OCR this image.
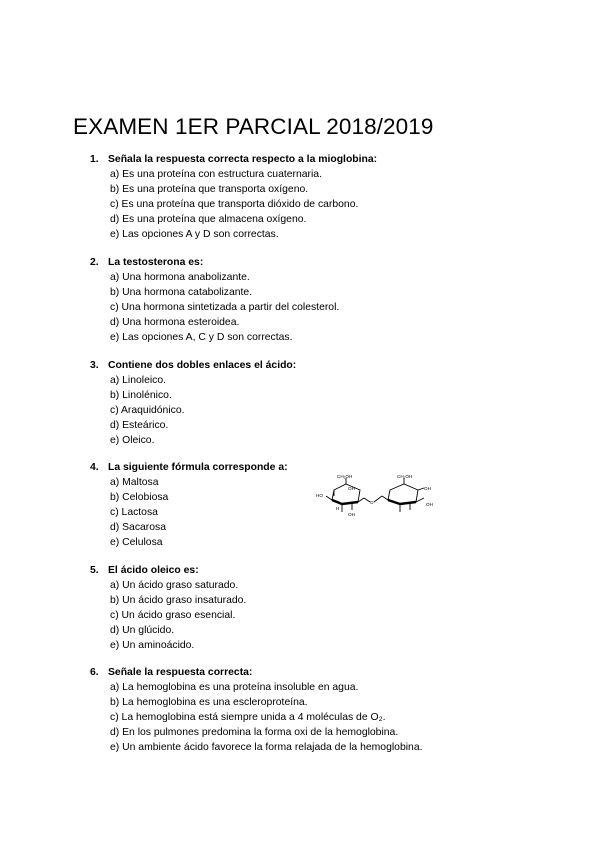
EXAMEN 1ER PARCIAL 2018/2019
1. Señala la respuesta correcta respecto a la mioglobina:
a) Es una proteína con estructura cuaternaria.
b) Es una proteína que transporta oxígeno.
c) Es una proteína que transporta dióxido de carbono.
d) Es una proteína que almacena oxígeno.
e) Las opciones A y D son correctas.
2. La testosterona es:
a) Una hormona anabolizante.
b) Una hormona catabolizante.
c) Una hormona sintetizada a partir del colesterol.
d) Una hormona esteroidea.
e) Las opciones A, C y D son correctas.
3. Contiene dos dobles enlaces el ácido:
a) Linoleico.
b) Linolénico.
c) Araquidónico.
d) Esteárico.
e) Oleico.
4. La siguiente fórmula corresponde a:
a) Maltosa
b) Celobiosa
c) Lactosa
d) Sacarosa
e) Celulosa
CH₂OH	CH₂OH
HO
O
OH	OH
OH
OH
H
5. El ácido oleico es:
a) Un ácido graso saturado.
b) Un ácido graso insaturado.
c) Un ácido graso esencial.
d) Un glúcido.
e) Un aminoácido.
6. Señale la respuesta correcta:
a) La hemoglobina es una proteína insoluble en agua.
b) La hemoglobina es una escleroproteína.
c) La hemoglobina está siempre unida a 4 moléculas de O₂.
d) En los pulmones predomina la forma oxi de la hemoglobina.
e) Un ambiente ácido favorece la forma relajada de la hemoglobina.
